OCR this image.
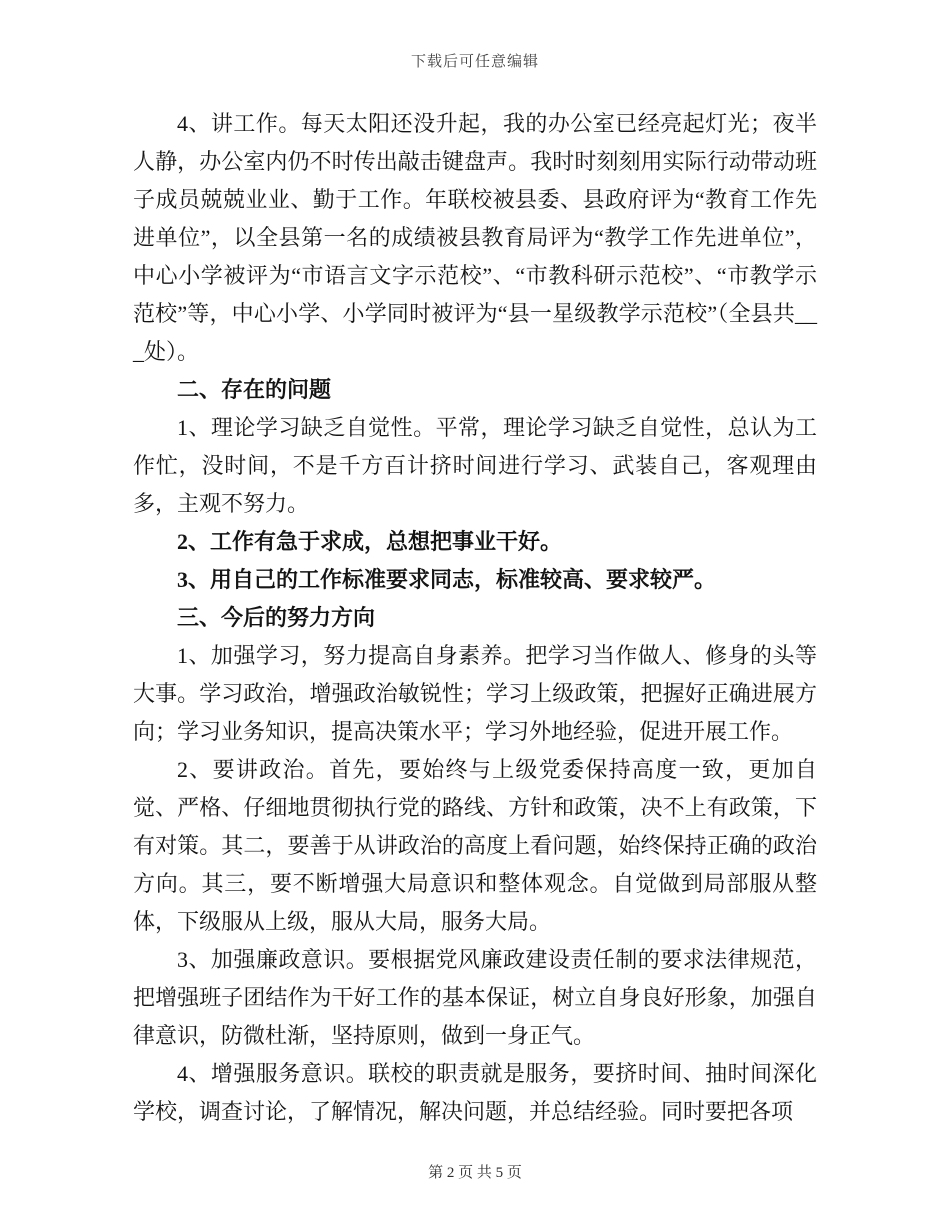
下载后可任意编辑

4、讲工作。每天太阳还没升起，我的办公室已经亮起灯光；夜半人静，办公室内仍不时传出敲击键盘声。我时时刻刻用实际行动带动班子成员兢兢业业、勤于工作。年联校被县委、县政府评为“教育工作先进单位”，以全县第一名的成绩被县教育局评为“教学工作先进单位”，中心小学被评为“市语言文字示范校”、“市教科研示范校”、“市教学示范校”等，中心小学、小学同时被评为“县一星级教学示范校”（全县共___处）。

二、存在的问题

1、理论学习缺乏自觉性。平常，理论学习缺乏自觉性，总认为工作忙，没时间，不是千方百计挤时间进行学习、武装自己，客观理由多，主观不努力。

2、工作有急于求成，总想把事业干好。

3、用自己的工作标准要求同志，标准较高、要求较严。

三、今后的努力方向

1、加强学习，努力提高自身素养。把学习当作做人、修身的头等大事。学习政治，增强政治敏锐性；学习上级政策，把握好正确进展方向；学习业务知识，提高决策水平；学习外地经验，促进开展工作。

2、要讲政治。首先，要始终与上级党委保持高度一致，更加自觉、严格、仔细地贯彻执行党的路线、方针和政策，决不上有政策，下有对策。其二，要善于从讲政治的高度上看问题，始终保持正确的政治方向。其三，要不断增强大局意识和整体观念。自觉做到局部服从整体，下级服从上级，服从大局，服务大局。

3、加强廉政意识。要根据党风廉政建设责任制的要求法律规范，把增强班子团结作为干好工作的基本保证，树立自身良好形象，加强自律意识，防微杜渐，坚持原则，做到一身正气。

4、增强服务意识。联校的职责就是服务，要挤时间、抽时间深化学校，调查讨论，了解情况，解决问题，并总结经验。同时要把各项

第 2 页 共 5 页
